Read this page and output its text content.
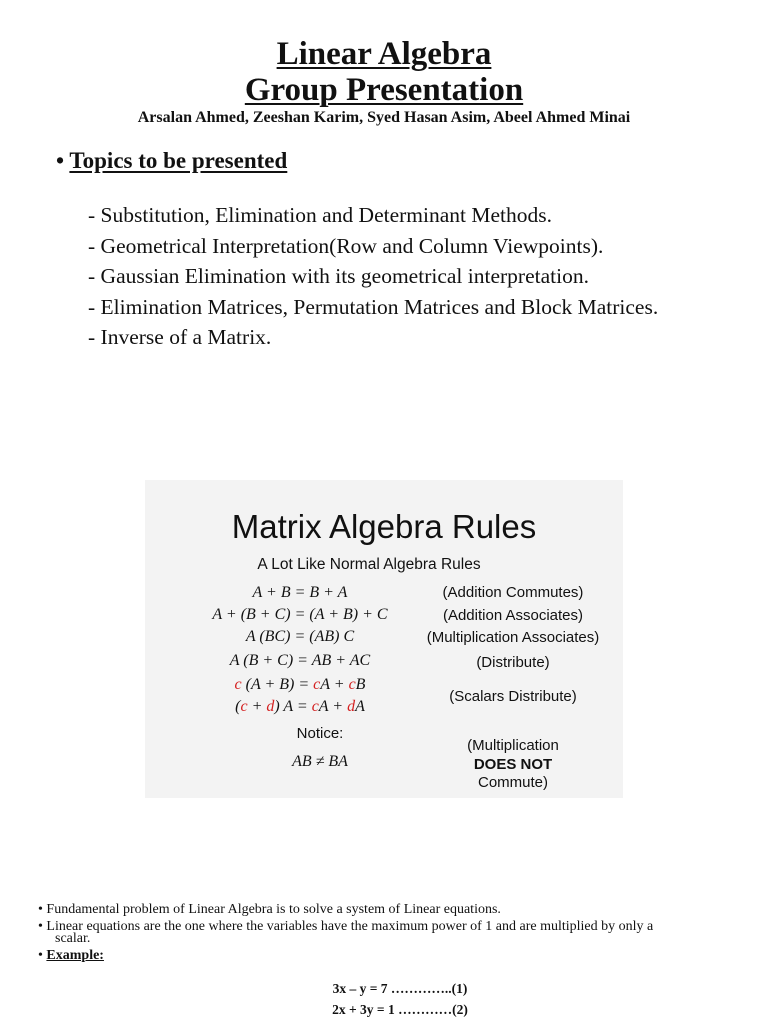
Linear Algebra
Group Presentation
Arsalan Ahmed, Zeeshan Karim, Syed Hasan Asim, Abeel Ahmed Minai
• Topics to be presented
- Substitution, Elimination and Determinant Methods.
- Geometrical Interpretation(Row and Column Viewpoints).
- Gaussian Elimination with its geometrical interpretation.
- Elimination Matrices, Permutation Matrices and Block Matrices.
- Inverse of a Matrix.
Matrix Algebra Rules
A Lot Like Normal Algebra Rules
A + B = B + A	(Addition Commutes)
A + (B + C) = (A + B) + C	(Addition Associates)
A (BC) = (AB) C	(Multiplication Associates)
A (B + C) = AB + AC	(Distribute)
c (A + B) = cA + cB
(c + d) A = cA + dA
(Scalars Distribute)
Notice:
AB ≠ BA
(Multiplication
DOES NOT
Commute)
• Fundamental problem of Linear Algebra is to solve a system of Linear equations.
• Linear equations are the one where the variables have the maximum power of 1 and are multiplied by only a scalar.
• Example:
3x – y = 7 …………..(1)
2x + 3y = 1 …………(2)
